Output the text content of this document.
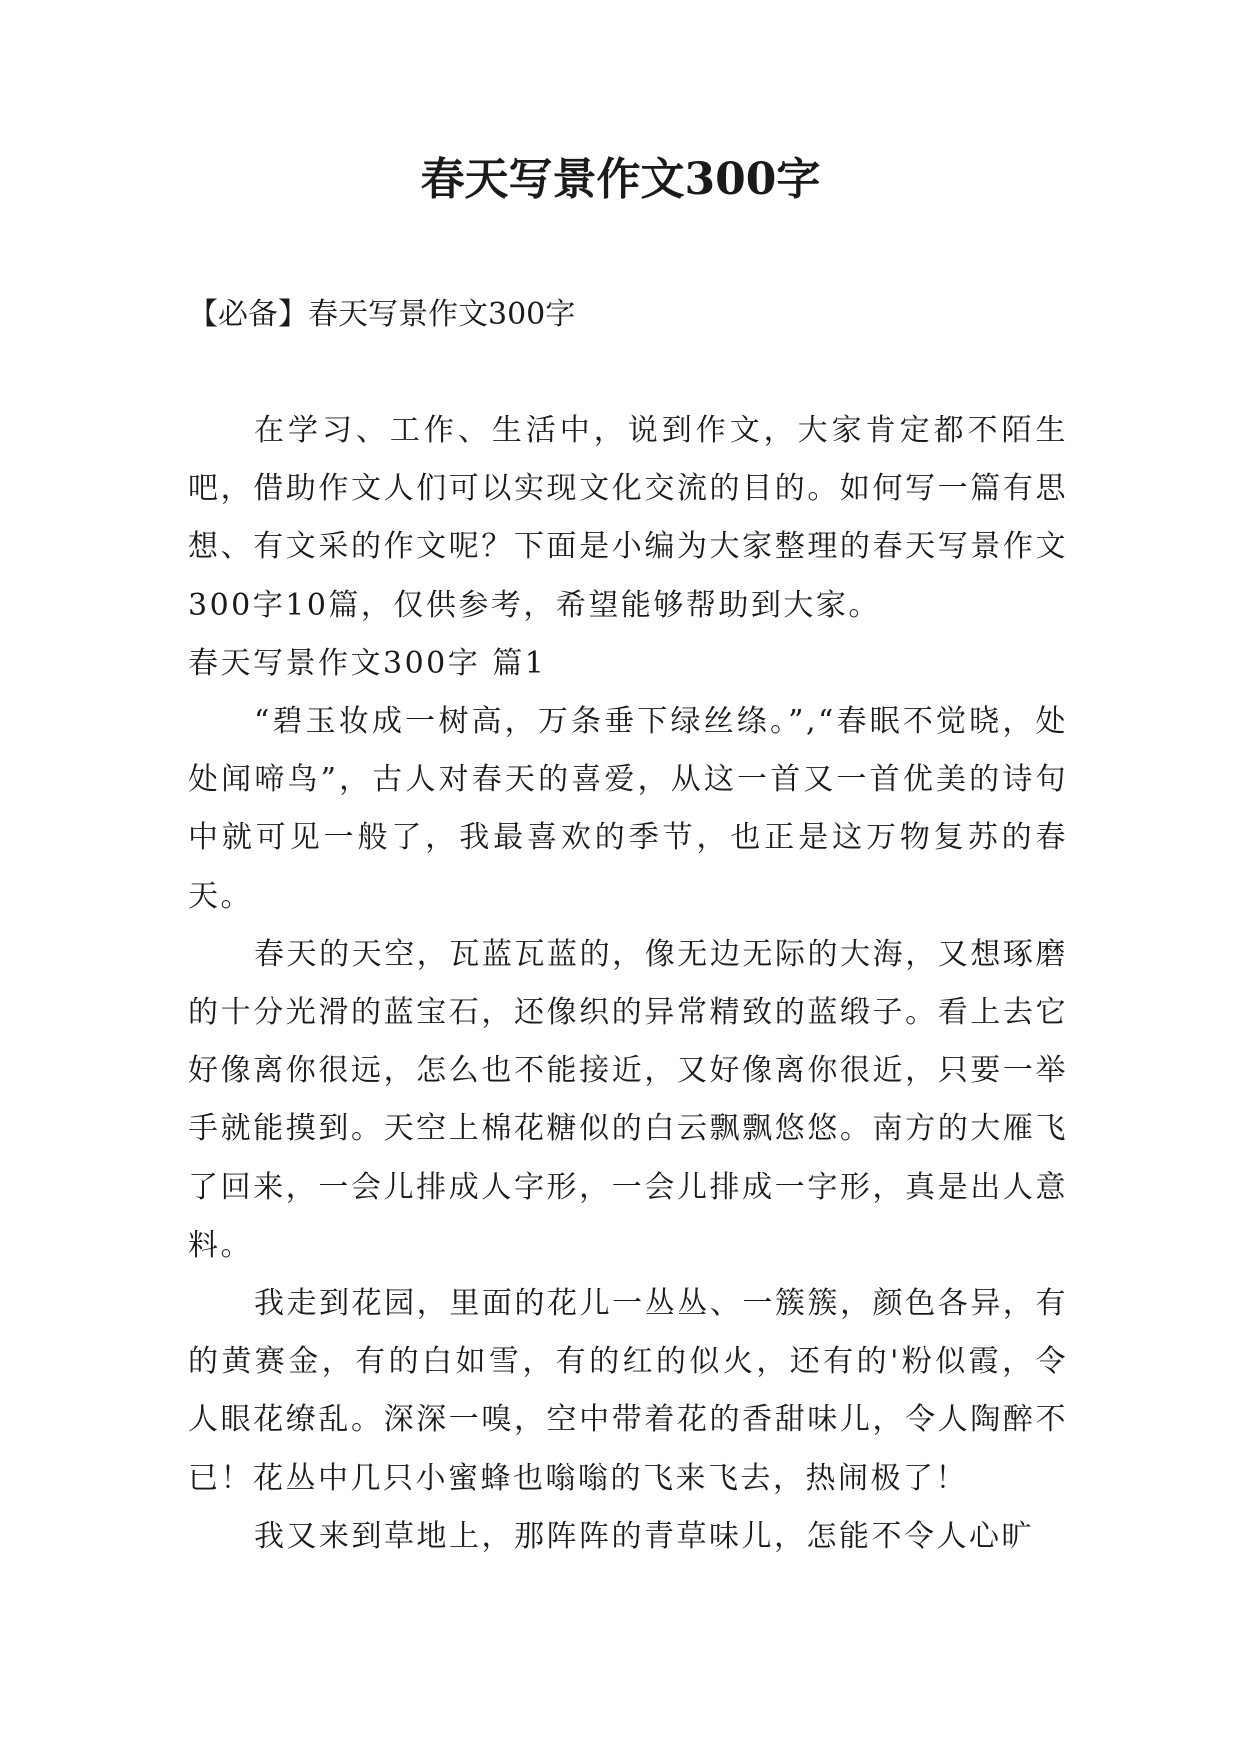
春天写景作文300字

【必备】春天写景作文300字

在学习、工作、生活中，说到作文，大家肯定都不陌生吧，借助作文人们可以实现文化交流的目的。如何写一篇有思想、有文采的作文呢？下面是小编为大家整理的春天写景作文300字10篇，仅供参考，希望能够帮助到大家。

春天写景作文300字 篇1

“碧玉妆成一树高，万条垂下绿丝绦。”,“春眠不觉晓，处处闻啼鸟”，古人对春天的喜爱，从这一首又一首优美的诗句中就可见一般了，我最喜欢的季节，也正是这万物复苏的春天。

春天的天空，瓦蓝瓦蓝的，像无边无际的大海，又想琢磨的十分光滑的蓝宝石，还像织的异常精致的蓝缎子。看上去它好像离你很远，怎么也不能接近，又好像离你很近，只要一举手就能摸到。天空上棉花糖似的白云飘飘悠悠。南方的大雁飞了回来，一会儿排成人字形，一会儿排成一字形，真是出人意料。

我走到花园，里面的花儿一丛丛、一簇簇，颜色各异，有的黄赛金，有的白如雪，有的红的似火，还有的'粉似霞，令人眼花缭乱。深深一嗅，空中带着花的香甜味儿，令人陶醉不已！花丛中几只小蜜蜂也嗡嗡的飞来飞去，热闹极了！

我又来到草地上，那阵阵的青草味儿，怎能不令人心旷
